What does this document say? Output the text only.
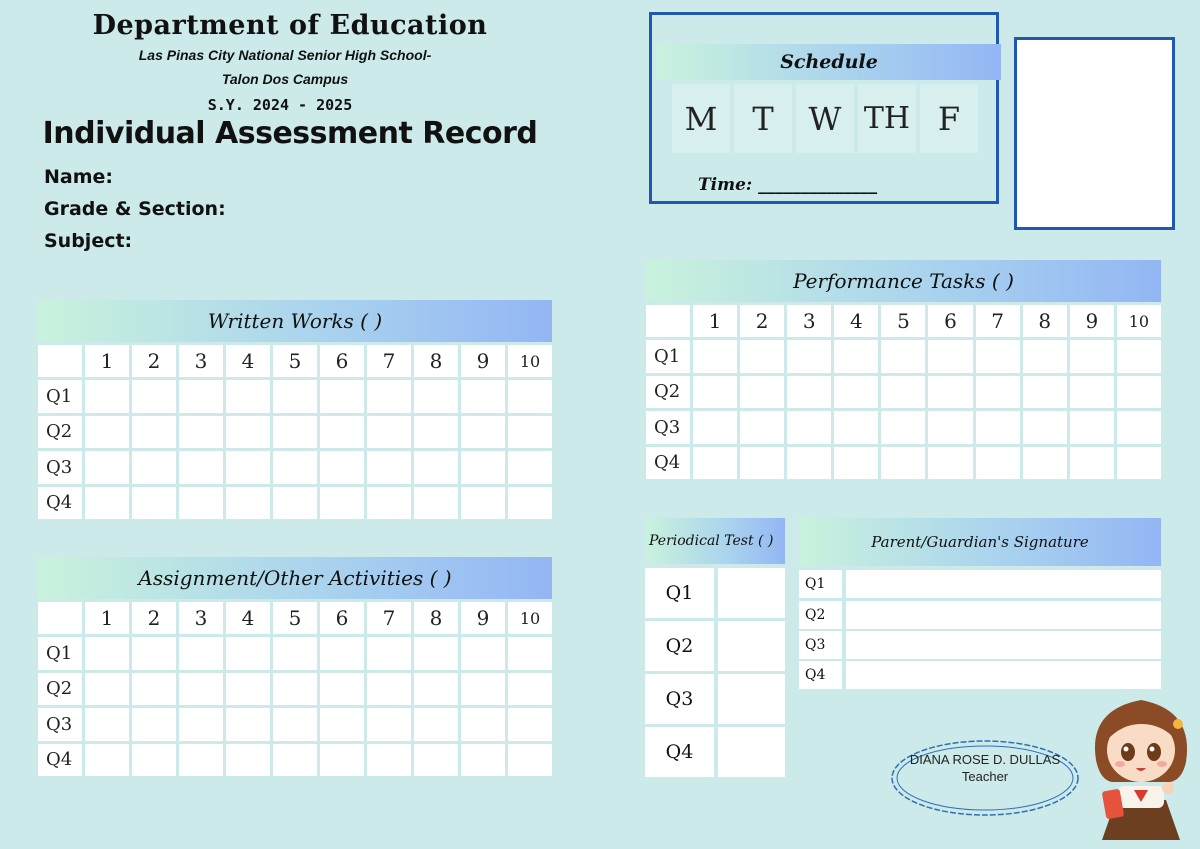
Department of Education
Las Pinas City National Senior High School-
Talon Dos Campus
S.Y. 2024 - 2025
Individual Assessment Record
Name:
Grade & Section:
Subject:
Written Works ( )
1	2	3	4	5	6	7	8	9	10
Q1
Q2
Q3
Q4
Assignment/Other Activities ( )
1	2	3	4	5	6	7	8	9	10
Q1
Q2
Q3
Q4
Performance Tasks ( )
1	2	3	4	5	6	7	8	9	10
Q1
Q2
Q3
Q4
Schedule
M	T	W TH F
Time: ______________
Periodical Test ( )
Q1
Q2
Q3
Q4
Parent/Guardian's Signature
Q1
Q2
Q3
Q4
DIANA ROSE D. DULLAS
Teacher
